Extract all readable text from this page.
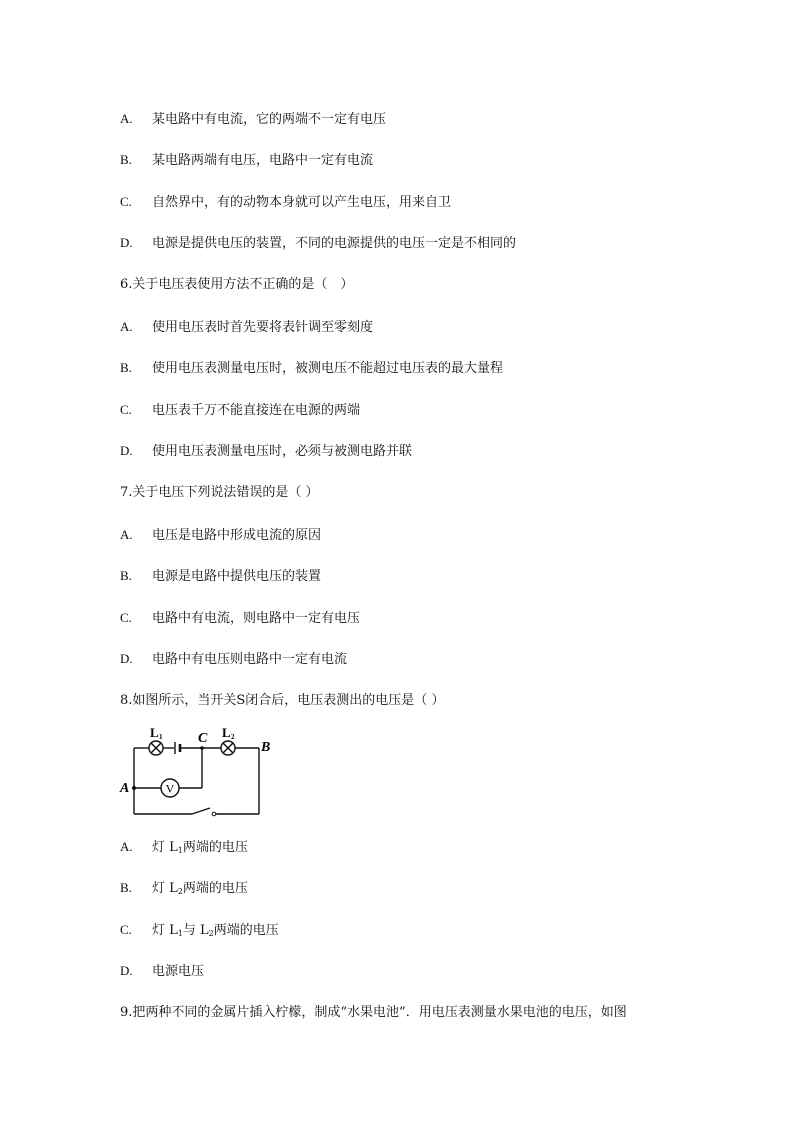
A. 某电路中有电流，它的两端不一定有电压
B. 某电路两端有电压，电路中一定有电流
C. 自然界中，有的动物本身就可以产生电压，用来自卫
D. 电源是提供电压的装置，不同的电源提供的电压一定是不相同的
6.关于电压表使用方法不正确的是（　）
A. 使用电压表时首先要将表针调至零刻度
B. 使用电压表测量电压时，被测电压不能超过电压表的最大量程
C. 电压表千万不能直接连在电源的两端
D. 使用电压表测量电压时，必须与被测电路并联
7.关于电压下列说法错误的是（ ）
A. 电压是电路中形成电流的原因
B. 电源是电路中提供电压的装置
C. 电路中有电流，则电路中一定有电压
D. 电路中有电压则电路中一定有电流
8.如图所示，当开关S闭合后，电压表测出的电压是（ ）
V
L 1	L 2
C
B
A
A. 灯 $L_1$两端的电压
B. 灯 $L_2$两端的电压
C. 灯 $L_1$与 $L_2$两端的电压
D. 电源电压
9.把两种不同的金属片插入柠檬，制成“水果电池”．用电压表测量水果电池的电压，如图
